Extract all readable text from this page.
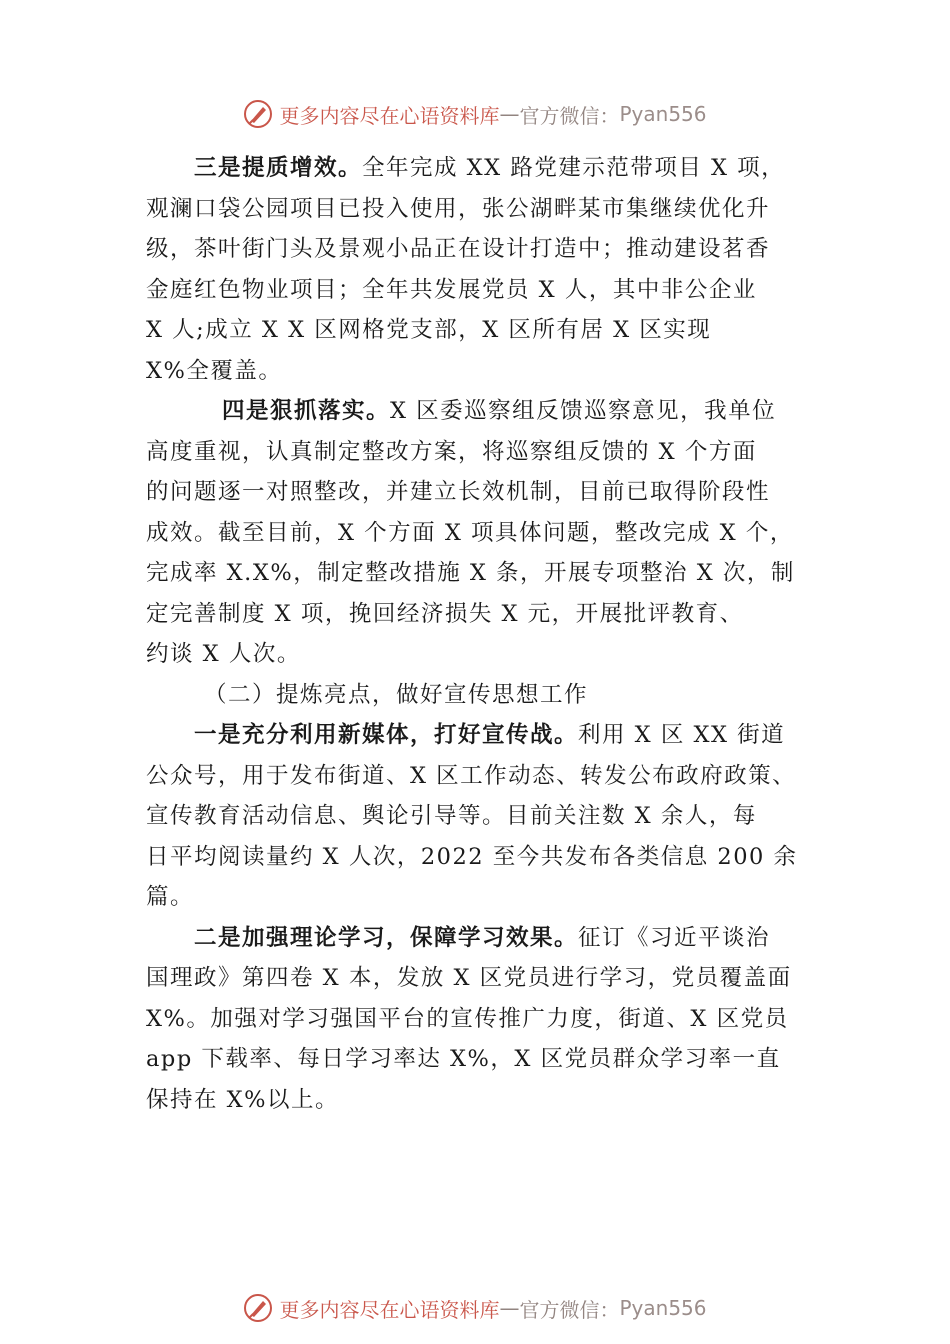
更多内容尽在心语资料库 — 官方微信： Pyan556
三是提质增效。全年完成 XX 路党建示范带项目 X 项，
观澜口袋公园项目已投入使用，张公湖畔某市集继续优化升
级，茶叶街门头及景观小品正在设计打造中；推动建设茗香
金庭红色物业项目；全年共发展党员 X 人，其中非公企业
X 人;成立 X X 区网格党支部，X 区所有居 X 区实现
X%全覆盖。
四是狠抓落实。X 区委巡察组反馈巡察意见，我单位
高度重视，认真制定整改方案，将巡察组反馈的 X 个方面
的问题逐一对照整改，并建立长效机制，目前已取得阶段性
成效。截至目前，X 个方面 X 项具体问题，整改完成 X 个，
完成率 X.X%，制定整改措施 X 条，开展专项整治 X 次，制
定完善制度 X 项，挽回经济损失 X 元，开展批评教育、
约谈 X 人次。
（二）提炼亮点，做好宣传思想工作
一是充分利用新媒体，打好宣传战。利用 X 区 XX 街道
公众号，用于发布街道、X 区工作动态、转发公布政府政策、
宣传教育活动信息、舆论引导等。目前关注数 X 余人，每
日平均阅读量约 X 人次，2022 至今共发布各类信息 200 余
篇。
二是加强理论学习，保障学习效果。征订《习近平谈治
国理政》第四卷 X 本，发放 X 区党员进行学习，党员覆盖面
X%。加强对学习强国平台的宣传推广力度，街道、X 区党员
app 下载率、每日学习率达 X%，X 区党员群众学习率一直
保持在 X%以上。
更多内容尽在心语资料库 — 官方微信： Pyan556
